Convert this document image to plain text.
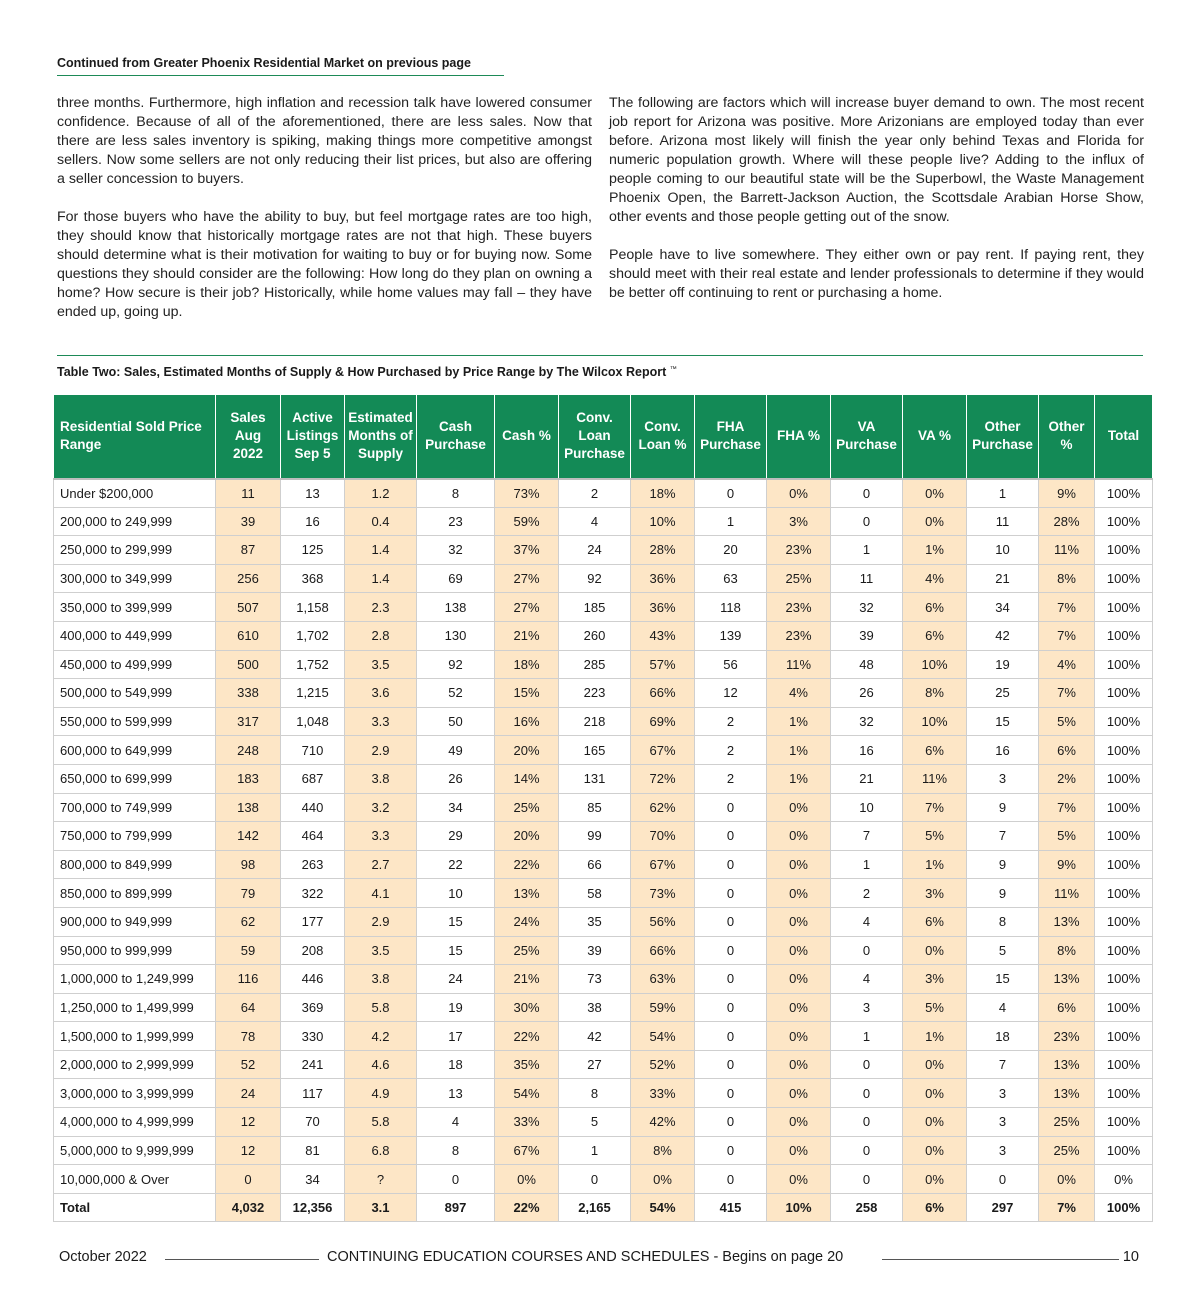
Continued from Greater Phoenix Residential Market on previous page

three months. Furthermore, high inflation and recession talk have lowered consumer confidence. Because of all of the aforementioned, there are less sales. Now that there are less sales inventory is spiking, making things more competitive amongst sellers. Now some sellers are not only reducing their list prices, but also are offering a seller concession to buyers.

For those buyers who have the ability to buy, but feel mortgage rates are too high, they should know that historically mortgage rates are not that high. These buyers should determine what is their motivation for waiting to buy or for buying now. Some questions they should consider are the following: How long do they plan on owning a home? How secure is their job? Historically, while home values may fall – they have ended up, going up.

The following are factors which will increase buyer demand to own. The most recent job report for Arizona was positive. More Arizonians are employed today than ever before. Arizona most likely will finish the year only behind Texas and Florida for numeric population growth. Where will these people live? Adding to the influx of people coming to our beautiful state will be the Superbowl, the Waste Management Phoenix Open, the Barrett-Jackson Auction, the Scottsdale Arabian Horse Show, other events and those people getting out of the snow.

People have to live somewhere. They either own or pay rent. If paying rent, they should meet with their real estate and lender professionals to determine if they would be better off continuing to rent or purchasing a home.

Table Two: Sales, Estimated Months of Supply & How Purchased by Price Range by The Wilcox Report ™
Residential Sold Price Range	Sales Aug 2022	Active Listings Sep 5	Estimated Months of Supply	Cash Purchase	Cash %	Conv. Loan Purchase	Conv. Loan %	FHA Purchase	FHA %	VA Purchase	VA %	Other Purchase	Other %	Total
Under $200,000	11	13	1.2	8	73%	2	18%	0	0%	0	0%	1	9%	100%
200,000 to 249,999	39	16	0.4	23	59%	4	10%	1	3%	0	0%	11	28%	100%
250,000 to 299,999	87	125	1.4	32	37%	24	28%	20	23%	1	1%	10	11%	100%
300,000 to 349,999	256	368	1.4	69	27%	92	36%	63	25%	11	4%	21	8%	100%
350,000 to 399,999	507	1,158	2.3	138	27%	185	36%	118	23%	32	6%	34	7%	100%
400,000 to 449,999	610	1,702	2.8	130	21%	260	43%	139	23%	39	6%	42	7%	100%
450,000 to 499,999	500	1,752	3.5	92	18%	285	57%	56	11%	48	10%	19	4%	100%
500,000 to 549,999	338	1,215	3.6	52	15%	223	66%	12	4%	26	8%	25	7%	100%
550,000 to 599,999	317	1,048	3.3	50	16%	218	69%	2	1%	32	10%	15	5%	100%
600,000 to 649,999	248	710	2.9	49	20%	165	67%	2	1%	16	6%	16	6%	100%
650,000 to 699,999	183	687	3.8	26	14%	131	72%	2	1%	21	11%	3	2%	100%
700,000 to 749,999	138	440	3.2	34	25%	85	62%	0	0%	10	7%	9	7%	100%
750,000 to 799,999	142	464	3.3	29	20%	99	70%	0	0%	7	5%	7	5%	100%
800,000 to 849,999	98	263	2.7	22	22%	66	67%	0	0%	1	1%	9	9%	100%
850,000 to 899,999	79	322	4.1	10	13%	58	73%	0	0%	2	3%	9	11%	100%
900,000 to 949,999	62	177	2.9	15	24%	35	56%	0	0%	4	6%	8	13%	100%
950,000 to 999,999	59	208	3.5	15	25%	39	66%	0	0%	0	0%	5	8%	100%
1,000,000 to 1,249,999	116	446	3.8	24	21%	73	63%	0	0%	4	3%	15	13%	100%
1,250,000 to 1,499,999	64	369	5.8	19	30%	38	59%	0	0%	3	5%	4	6%	100%
1,500,000 to 1,999,999	78	330	4.2	17	22%	42	54%	0	0%	1	1%	18	23%	100%
2,000,000 to 2,999,999	52	241	4.6	18	35%	27	52%	0	0%	0	0%	7	13%	100%
3,000,000 to 3,999,999	24	117	4.9	13	54%	8	33%	0	0%	0	0%	3	13%	100%
4,000,000 to 4,999,999	12	70	5.8	4	33%	5	42%	0	0%	0	0%	3	25%	100%
5,000,000 to 9,999,999	12	81	6.8	8	67%	1	8%	0	0%	0	0%	3	25%	100%
10,000,000 & Over	0	34	?	0	0%	0	0%	0	0%	0	0%	0	0%	0%
Total	4,032	12,356	3.1	897	22%	2,165	54%	415	10%	258	6%	297	7%	100%
October 2022	CONTINUING EDUCATION COURSES AND SCHEDULES - Begins on page 20	10
